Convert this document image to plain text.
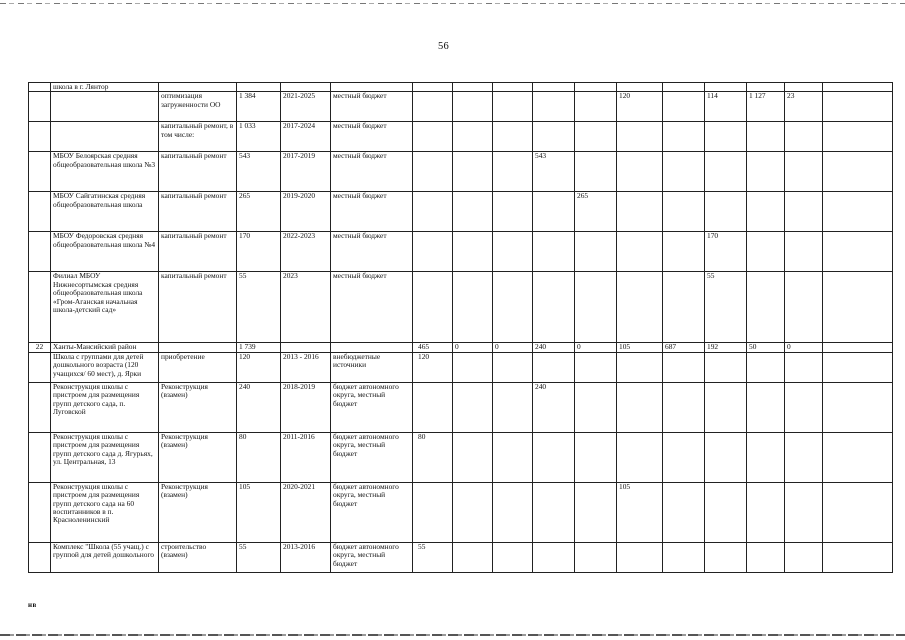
56
	школа в г. Лянтор															
		оптимизация загруженности ОО	1 384	2021-2025	местный бюджет						120		114	1 127	23	
		капитальный ремонт, в том числе:	1 033	2017-2024	местный бюджет											
	МБОУ Белоярская средняя общеобразовательная школа №3	капитальный ремонт	543	2017-2019	местный бюджет				543							
	МБОУ Сайгатинская средняя общеобразовательная школа	капитальный ремонт	265	2019-2020	местный бюджет					265						
	МБОУ Федоровская средняя общеобразовательная школа №4	капитальный ремонт	170	2022-2023	местный бюджет								170			
	Филиал МБОУ Нижнесортымская средняя общеобразовательная школа «Гром-Аганская начальная школа-детский сад»	капитальный ремонт	55	2023	местный бюджет								55			
22	Ханты-Мансийский район		1 739			465	0	0	240	0	105	687	192	50	0	
	Школа с группами для детей дошкольного возраста (120 учащихся/ 60 мест), д. Ярки	приобретение	120	2013 - 2016	внебюджетные источники	120										
	Реконструкция школы с пристроем для размещения групп детского сада, п. Луговской	Реконструкция (взамен)	240	2018-2019	бюджет автономного округа, местный бюджет				240							
	Реконструкция школы с пристроем для размещения групп детского сада д. Ягурьях, ул. Центральная, 13	Реконструкция (взамен)	80	2011-2016	бюджет автономного округа, местный бюджет	80										
	Реконструкция школы с пристроем для размещения групп детского сада на 60 воспитанников в п. Красноленинский	Реконструкция (взамен)	105	2020-2021	бюджет автономного округа, местный бюджет						105					
	Комплекс "Школа (55 учащ.) с группой для детей дошкольного	строительство (взамен)	55	2013-2016	бюджет автономного округа, местный бюджет	55										
нв
